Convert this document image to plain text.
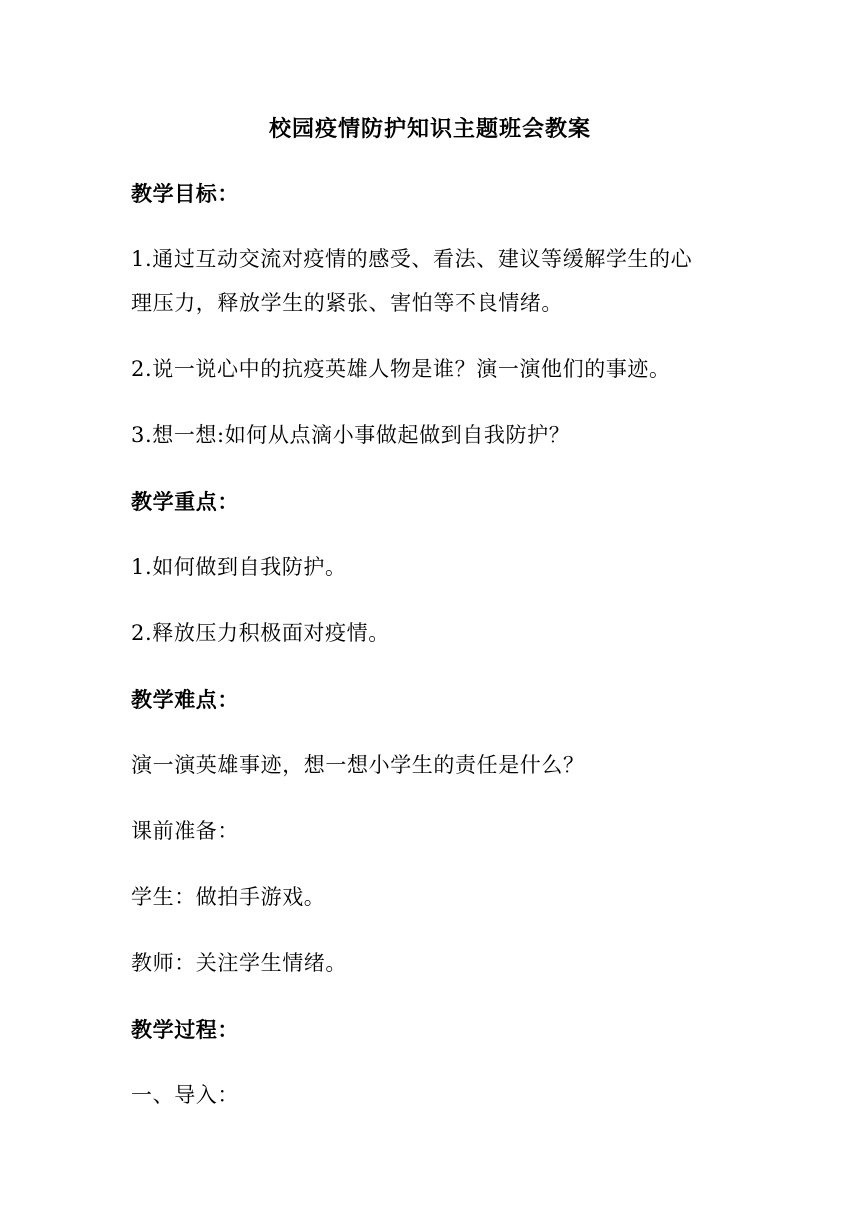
校园疫情防护知识主题班会教案
教学目标：
1.通过互动交流对疫情的感受、看法、建议等缓解学生的心
理压力，释放学生的紧张、害怕等不良情绪。
2.说一说心中的抗疫英雄人物是谁？演一演他们的事迹。
3.想一想:如何从点滴小事做起做到自我防护？
教学重点：
1.如何做到自我防护。
2.释放压力积极面对疫情。
教学难点：
演一演英雄事迹，想一想小学生的责任是什么？
课前准备：
学生：做拍手游戏。
教师：关注学生情绪。
教学过程：
一、导入：
